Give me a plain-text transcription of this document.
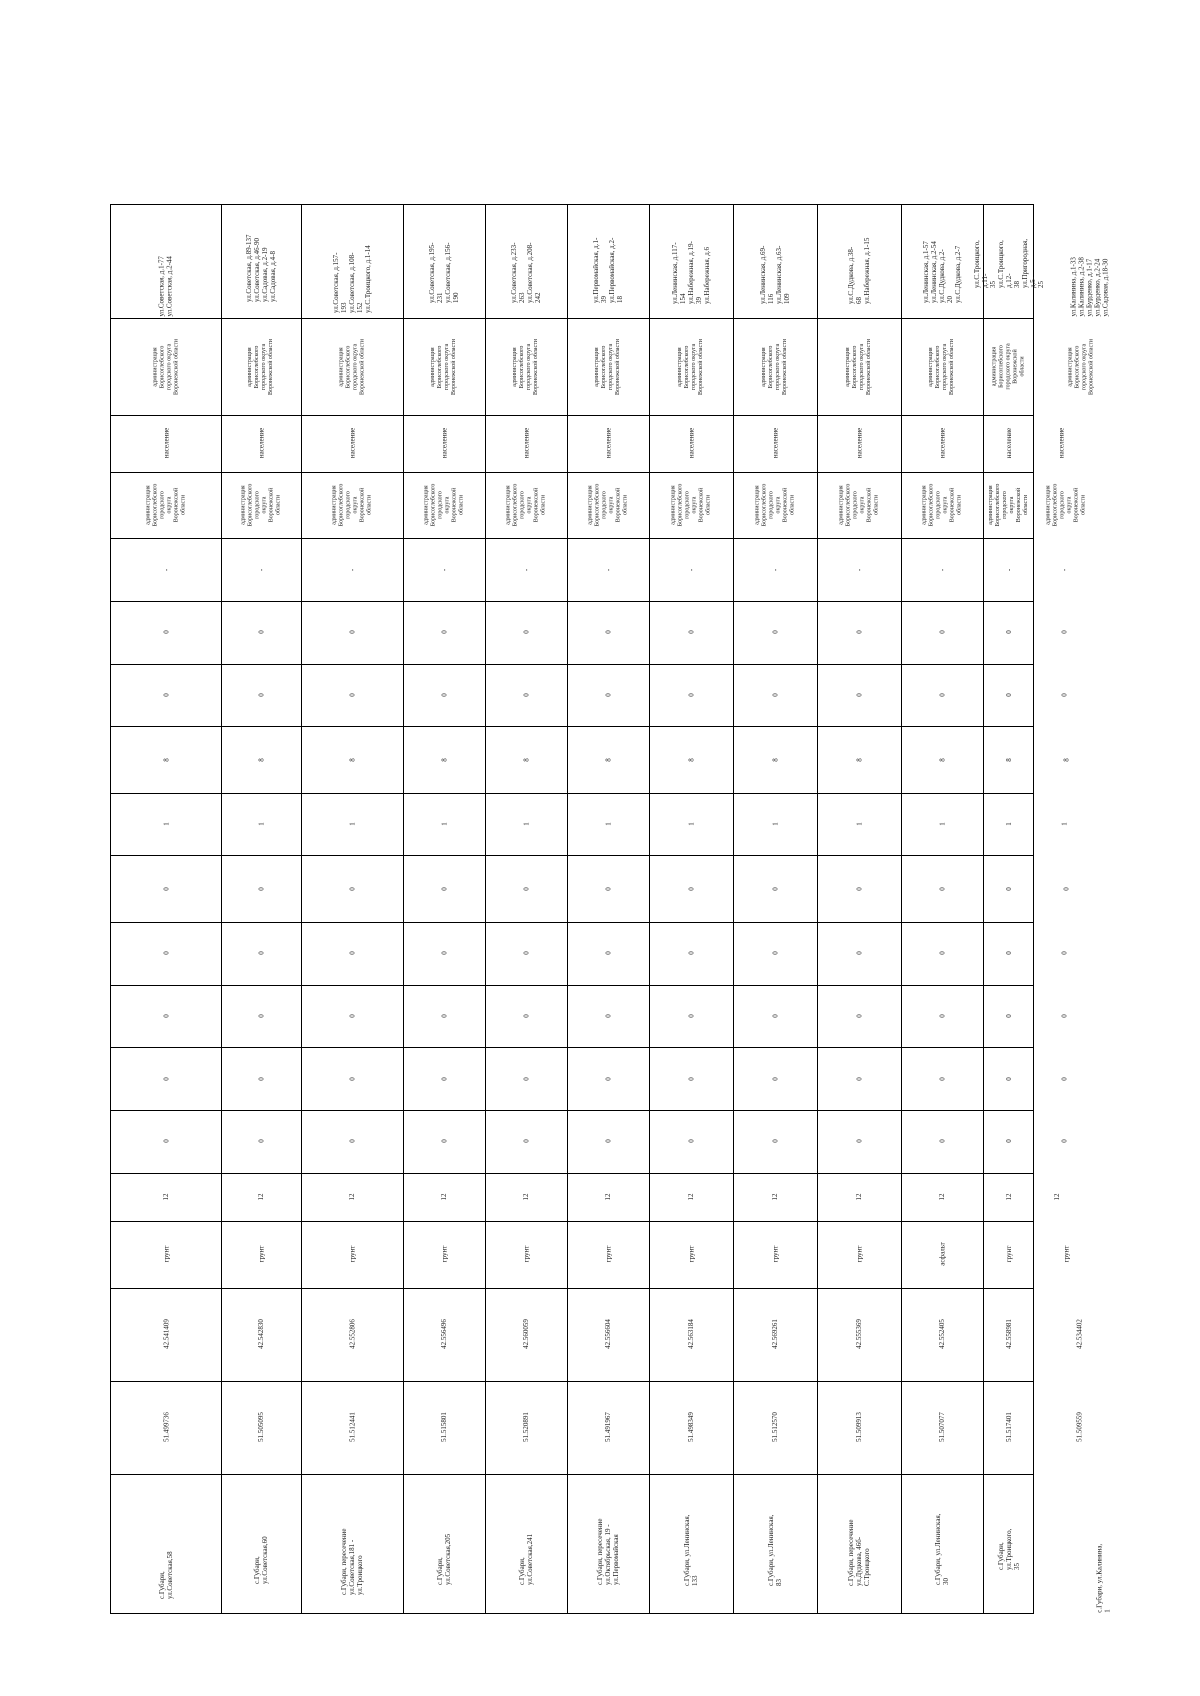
с.Губари,
ул.Советская,58
51.499736
42.541409
грунт
12
0
0
0
0
0
1
8
0
0
-
администрация
Борисоглебского
городского
округа
Воронежской
области
население
администрация
Борисоглебского
городского округа
Воронежской области
ул.Советская, д.1-77
ул.Советская, д.2-44
с.Губари,
ул.Советская,60
51.505095
42.542830
грунт
12
0
0
0
0
0
1
8
0
0
-
администрация
Борисоглебского
городского
округа
Воронежской
области
население
администрация
Борисоглебского
городского округа
Воронежской области
ул.Советская, д.89-137
ул.Советская, д.46-90
ул.Садовая, д.2-19
ул.Садовая, д.4-8
с.Губари, пересечение
ул.Советская,181 -
ул.Троицкого
51.512441
42.552806
грунт
12
0
0
0
0
0
1
8
0
0
-
администрация
Борисоглебского
городского
округа
Воронежской
области
население
администрация
Борисоглебского
городского округа
Воронежской области
ул.Советская, д.157-
193
ул.Советская, д.108-
152
ул.С.Троицкого, д.1-14
с.Губари,
ул.Советская,205
51.515801
42.556496
грунт
12
0
0
0
0
0
1
8
0
0
-
администрация
Борисоглебского
городского
округа
Воронежской
области
население
администрация
Борисоглебского
городского округа
Воронежской области
ул.Советская, д.195-
231
ул.Советская, д.156-
190
с.Губари,
ул.Советская,241
51.520891
42.560059
грунт
12
0
0
0
0
0
1
8
0
0
-
администрация
Борисоглебского
городского
округа
Воронежской
области
население
администрация
Борисоглебского
городского округа
Воронежской области
ул.Советская, д.233-
263
ул.Советская, д.208-
242
с.Губари, пересечение
ул.Октябрьская, 19 -
ул.Первомайская
51.491967
42.556604
грунт
12
0
0
0
0
0
1
8
0
0
-
администрация
Борисоглебского
городского
округа
Воронежской
области
население
администрация
Борисоглебского
городского округа
Воронежской области
ул.Первомайская, д.1-
39
ул.Первомайская, д.2-
18
с.Губари, ул.Ленинская,
133
51.498349
42.563184
грунт
12
0
0
0
0
0
1
8
0
0
-
администрация
Борисоглебского
городского
округа
Воронежской
области
население
администрация
Борисоглебского
городского округа
Воронежской области
ул.Ленинская, д.117-
154
ул.Набережная, д.19-
39
ул.Набережная, д.6
с.Губари, ул.Ленинская,
83
51.512570
42.569261
грунт
12
0
0
0
0
0
1
8
0
0
-
администрация
Борисоглебского
городского
округа
Воронежской
области
население
администрация
Борисоглебского
городского округа
Воронежской области
ул.Ленинская, д.69-
116
ул.Ленинская, д.63-
109
с.Губари, пересечение
ул.Дудкова, 46б-
С.Троицкого
51.509913
42.555369
грунт
12
0
0
0
0
0
1
8
0
0
-
администрация
Борисоглебского
городского
округа
Воронежской
области
население
администрация
Борисоглебского
городского округа
Воронежской области
ул.С.Дудкова, д.38-
68
ул.Набережная, д.1-15
с.Губари, ул.Ленинская,
30
51.507077
42.552405
асфальт
12
0
0
0
0
0
1
8
0
0
-
администрация
Борисоглебского
городского
округа
Воронежской
области
население
администрация
Борисоглебского
городского округа
Воронежской области
ул.Ленинская, д.1-57
ул.Ленинская, д.2-54
ул.С.Дудкова, д.2-
20
ул.С.Дудкова, д.2-7
с.Губари, ул.Троицкого,
35
51.517401
42.558981
грунт
12
0
0
0
0
0
1
8
0
0
-
администрация
Борисоглебского
городского
округа
Воронежской
области
население
администрация
Борисоглебского
городского округа
Воронежской области
ул.С.Троицкого, д.11-
35
ул.С.Троицкого, д.12-
38
ул.Пригородная, д.5-
25
с.Губари, ул.Калинина,
1
51.509559
42.534402
грунт
12
0
0
0
0
0
1
8
0
0
-
администрация
Борисоглебского
городского
округа
Воронежской
области
население
администрация
Борисоглебского
городского округа
Воронежской области
ул.Калинина, д.1-33
ул.Калинина, д.2-38
ул.Бурденко, д.1-17
ул.Бурденко, д.2-24
ул.Садовая, д.18-30
